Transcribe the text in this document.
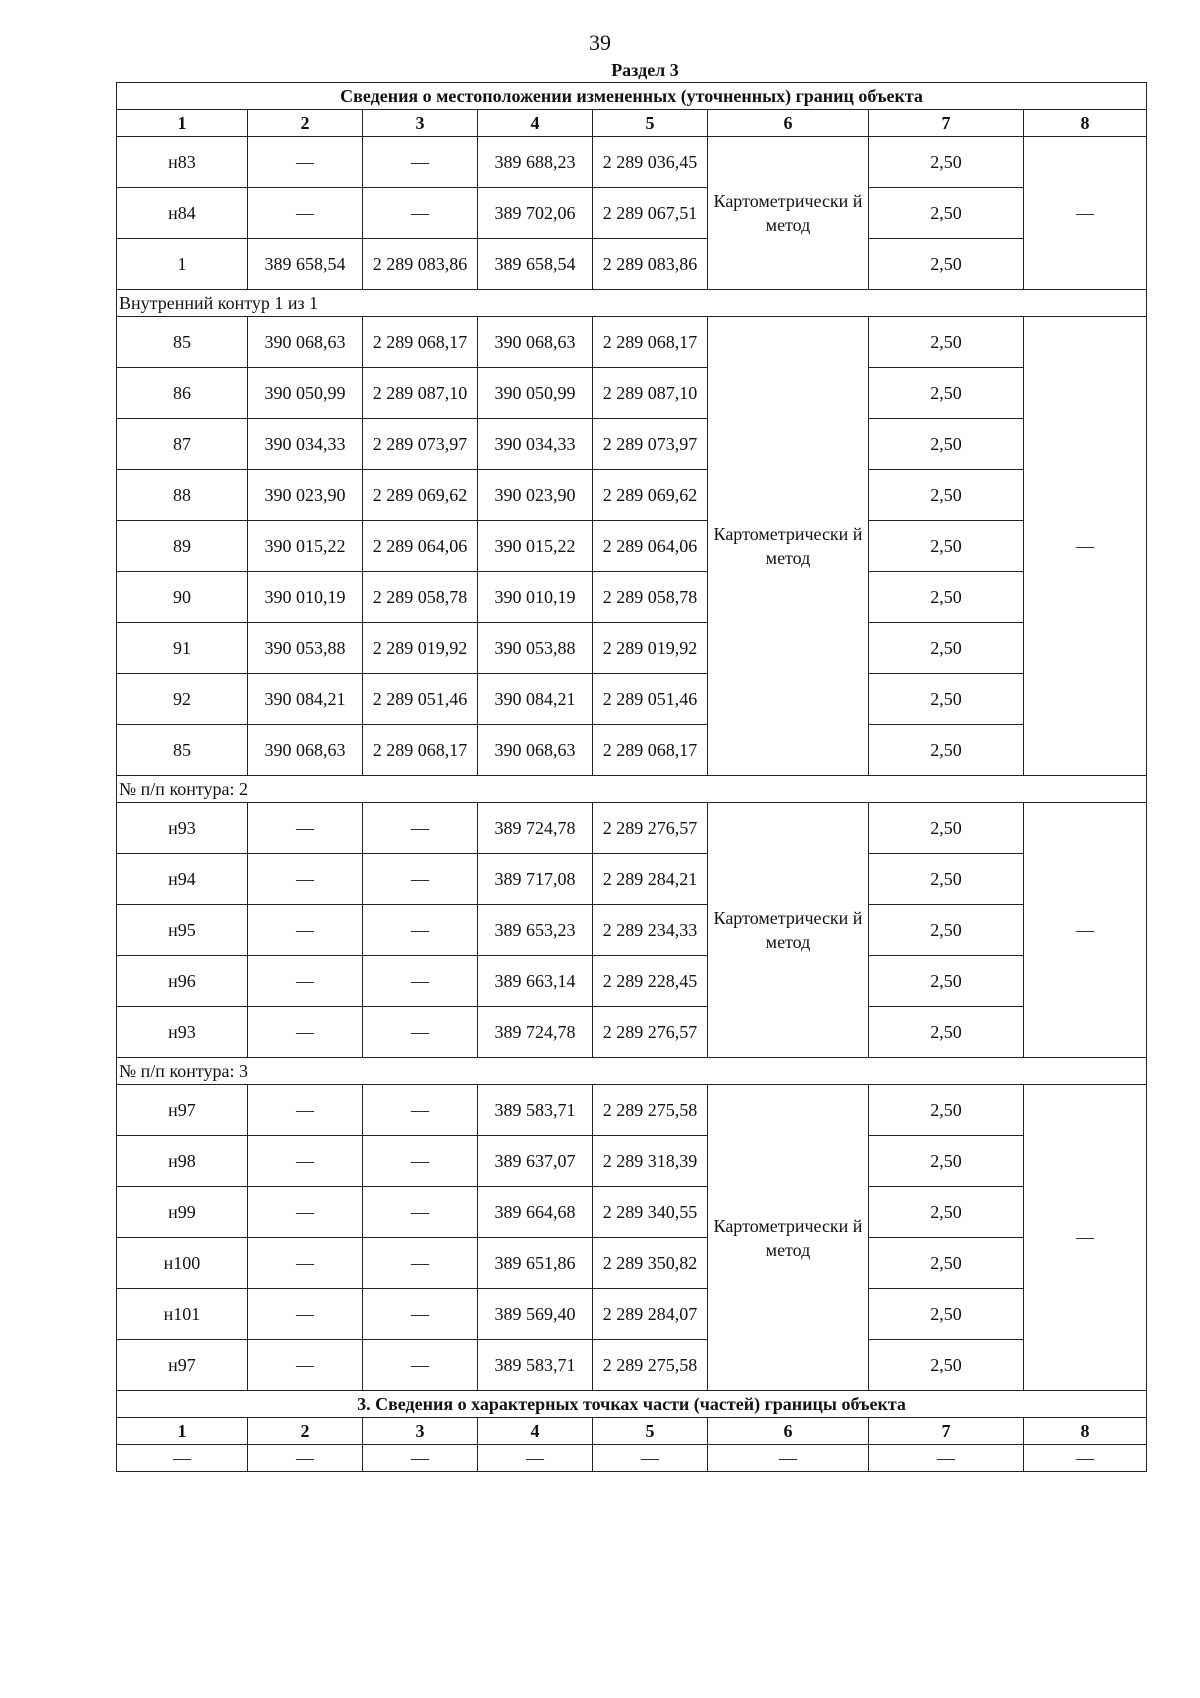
39
Раздел 3
Сведения о местоположении измененных (уточненных) границ объекта							
1	2	3	4	5	6	7	8
н83	—	—	389 688,23	2 289 036,45	Картометрически й метод	2,50	—
н84	—	—	389 702,06	2 289 067,51		2,50	
1	389 658,54	2 289 083,86	389 658,54	2 289 083,86		2,50	
Внутренний контур 1 из 1							
85	390 068,63	2 289 068,17	390 068,63	2 289 068,17	Картометрически й метод	2,50	—
86	390 050,99	2 289 087,10	390 050,99	2 289 087,10		2,50	
87	390 034,33	2 289 073,97	390 034,33	2 289 073,97		2,50	
88	390 023,90	2 289 069,62	390 023,90	2 289 069,62		2,50	
89	390 015,22	2 289 064,06	390 015,22	2 289 064,06		2,50	
90	390 010,19	2 289 058,78	390 010,19	2 289 058,78		2,50	
91	390 053,88	2 289 019,92	390 053,88	2 289 019,92		2,50	
92	390 084,21	2 289 051,46	390 084,21	2 289 051,46		2,50	
85	390 068,63	2 289 068,17	390 068,63	2 289 068,17		2,50	
№ п/п контура: 2							
н93	—	—	389 724,78	2 289 276,57	Картометрически й метод	2,50	—
н94	—	—	389 717,08	2 289 284,21		2,50	
н95	—	—	389 653,23	2 289 234,33		2,50	
н96	—	—	389 663,14	2 289 228,45		2,50	
н93	—	—	389 724,78	2 289 276,57		2,50	
№ п/п контура: 3							
н97	—	—	389 583,71	2 289 275,58	Картометрически й метод	2,50	—
н98	—	—	389 637,07	2 289 318,39		2,50	
н99	—	—	389 664,68	2 289 340,55		2,50	
н100	—	—	389 651,86	2 289 350,82		2,50	
н101	—	—	389 569,40	2 289 284,07		2,50	
н97	—	—	389 583,71	2 289 275,58		2,50	
3. Сведения о характерных точках части (частей) границы объекта							
1	2	3	4	5	6	7	8
—	—	—	—	—	—	—	—
